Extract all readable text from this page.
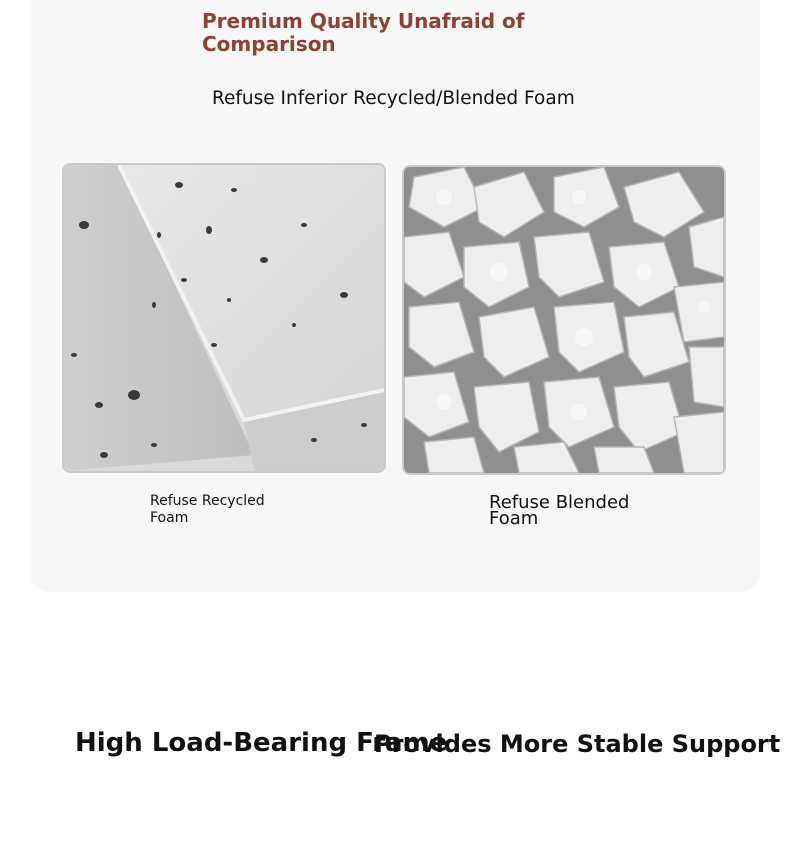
Premium Quality Unafraid of Comparison

Refuse Inferior Recycled/Blended Foam

Refuse Recycled Foam

Refuse Blended Foam

High Load-Bearing Frame
Provides More Stable Support
